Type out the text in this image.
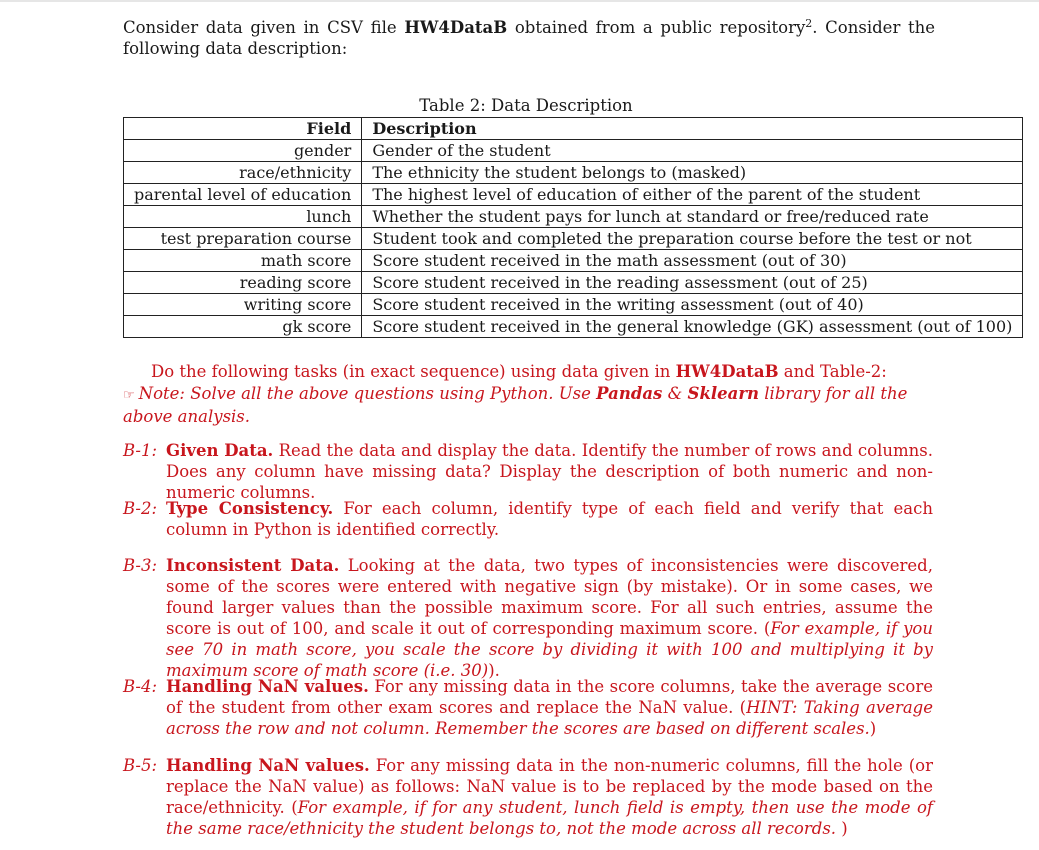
Consider data given in CSV file HW4DataB obtained from a public repository$^2$. Consider the following data description:

Table 2: Data Description
Field	Description
gender	Gender of the student
race/ethnicity	The ethnicity the student belongs to (masked)
parental level of education	The highest level of education of either of the parent of the student
lunch	Whether the student pays for lunch at standard or free/reduced rate
test preparation course	Student took and completed the preparation course before the test or not
math score	Score student received in the math assessment (out of 30)
reading score	Score student received in the reading assessment (out of 25)
writing score	Score student received in the writing assessment (out of 40)
gk score	Score student received in the general knowledge (GK) assessment (out of 100)
Do the following tasks (in exact sequence) using data given in HW4DataB and Table-2:
☞ Note: Solve all the above questions using Python. Use Pandas & Sklearn library for all the above analysis.
B-1: Given Data. Read the data and display the data. Identify the number of rows and columns. Does any column have missing data? Display the description of both numeric and non-numeric columns.
B-2: Type Consistency. For each column, identify type of each field and verify that each column in Python is identified correctly.
B-3: Inconsistent Data. Looking at the data, two types of inconsistencies were discovered, some of the scores were entered with negative sign (by mistake). Or in some cases, we found larger values than the possible maximum score. For all such entries, assume the score is out of 100, and scale it out of corresponding maximum score. (For example, if you see 70 in math score, you scale the score by dividing it with 100 and multiplying it by maximum score of math score (i.e. 30)).
B-4: Handling NaN values. For any missing data in the score columns, take the average score of the student from other exam scores and replace the NaN value. (HINT: Taking average across the row and not column. Remember the scores are based on different scales.)
B-5: Handling NaN values. For any missing data in the non-numeric columns, fill the hole (or replace the NaN value) as follows: NaN value is to be replaced by the mode based on the race/ethnicity. (For example, if for any student, lunch field is empty, then use the mode of the same race/ethnicity the student belongs to, not the mode across all records. )
